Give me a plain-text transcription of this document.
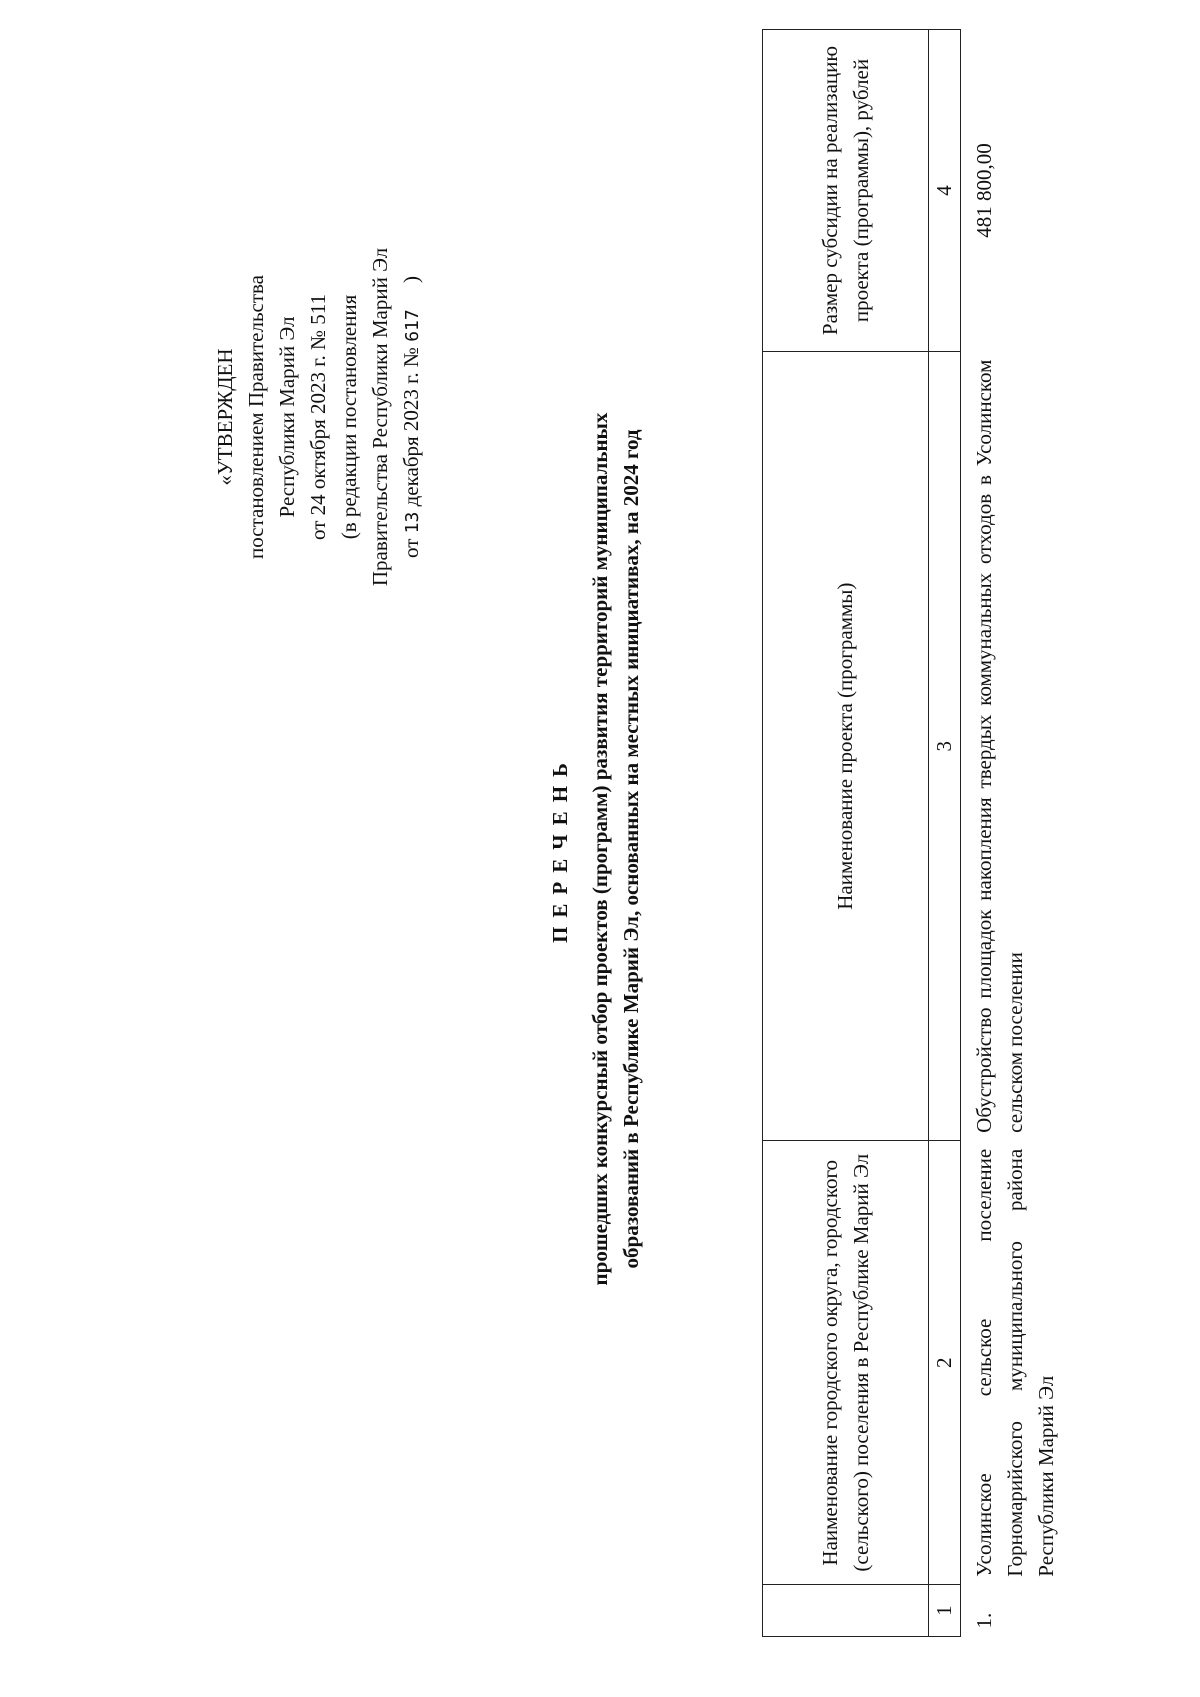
«УТВЕРЖДЕН постановлением Правительства Республики Марий Эл от 24 октября 2023 г. № 511 (в редакции постановления Правительства Республики Марий Эл от 13 декабря 2023 г. № 617     )
ПЕРЕЧЕНЬ прошедших конкурсный отбор проектов (программ) развития территорий муниципальных образований в Республике Марий Эл, основанных на местных инициативах, на 2024 год
	Наименование городского округа, городского (сельского) поселения в Республике Марий Эл	Наименование проекта (программы)	Размер субсидии на реализацию проекта (программы), рублей
1	2	3	4
1.	Усолинское сельское поселение Горномарийского муниципального района Республики Марий Эл	Обустройство площадок накопления твердых коммунальных отходов в Усолинском сельском поселении	481 800,00
